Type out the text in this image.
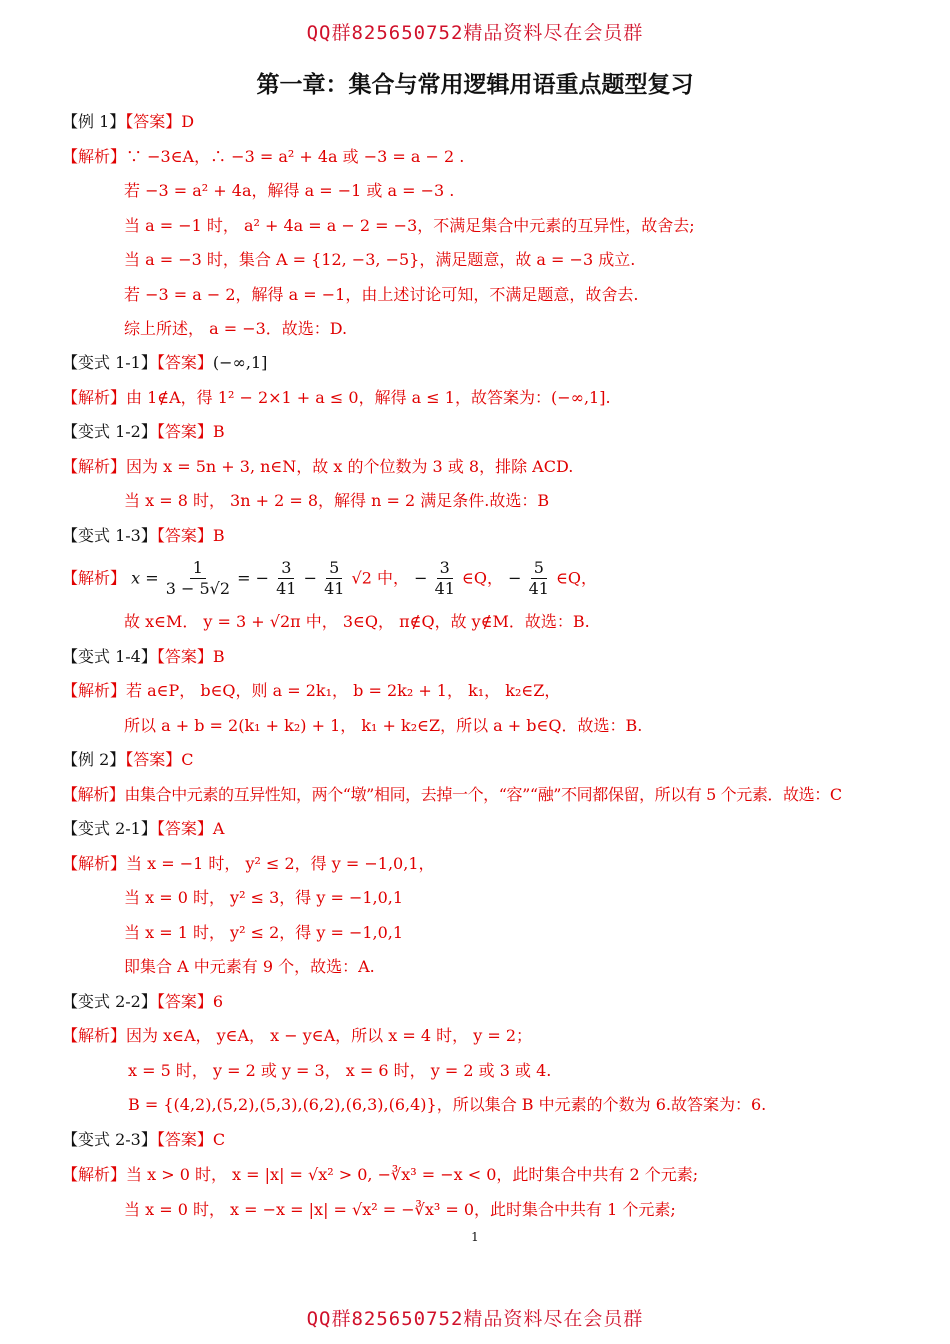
QQ群825650752精品资料尽在会员群
第一章：集合与常用逻辑用语重点题型复习
【例 1】【答案】D
【解析】∵ −3∈A，∴ −3 = a² + 4a 或 −3 = a − 2 .
若 −3 = a² + 4a，解得 a = −1 或 a = −3 .
当 a = −1 时， a² + 4a = a − 2 = −3，不满足集合中元素的互异性，故舍去;
当 a = −3 时，集合 A = {12, −3, −5}，满足题意，故 a = −3 成立.
若 −3 = a − 2，解得 a = −1，由上述讨论可知，不满足题意，故舍去.
综上所述， a = −3．故选：D.
【变式 1-1】【答案】(−∞,1]
【解析】由 1∉A，得 1² − 2×1 + a ≤ 0，解得 a ≤ 1，故答案为：(−∞,1].
【变式 1-2】【答案】B
【解析】因为 x = 5n + 3, n∈N，故 x 的个位数为 3 或 8，排除 ACD.
当 x = 8 时， 3n + 2 = 8，解得 n = 2 满足条件.故选：B
【变式 1-3】【答案】B
【解析】 $x = \frac{1}{3 - 5√2}$ = − $\frac{3}{41} - \frac{5}{41} √2$ 中， − $\frac{3}{41}$ ∈Q， − $\frac{5}{41}$ ∈Q，
故 x∈M． y = 3 + √2π 中， 3∈Q， π∉Q，故 y∉M．故选：B.
【变式 1-4】【答案】B
【解析】若 a∈P， b∈Q，则 a = 2k₁， b = 2k₂ + 1， k₁， k₂∈Z，
所以 a + b = 2(k₁ + k₂) + 1， k₁ + k₂∈Z，所以 a + b∈Q．故选：B.
【例 2】【答案】C
【解析】由集合中元素的互异性知，两个“墩”相同，去掉一个，“容”“融”不同都保留，所以有 5 个元素．故选：C
【变式 2-1】【答案】A
【解析】当 x = −1 时， y² ≤ 2，得 y = −1,0,1，
当 x = 0 时， y² ≤ 3，得 y = −1,0,1
当 x = 1 时， y² ≤ 2，得 y = −1,0,1
即集合 A 中元素有 9 个，故选：A.
【变式 2-2】【答案】6
【解析】因为 x∈A， y∈A， x − y∈A，所以 x = 4 时， y = 2；
x = 5 时， y = 2 或 y = 3， x = 6 时， y = 2 或 3 或 4.
B = {(4,2),(5,2),(5,3),(6,2),(6,3),(6,4)}，所以集合 B 中元素的个数为 6.故答案为：6.
【变式 2-3】【答案】C
【解析】当 x > 0 时， x = |x| = √x² > 0, −∛x³ = −x < 0，此时集合中共有 2 个元素;
当 x = 0 时， x = −x = |x| = √x² = −∛x³ = 0，此时集合中共有 1 个元素;
1
QQ群825650752精品资料尽在会员群
